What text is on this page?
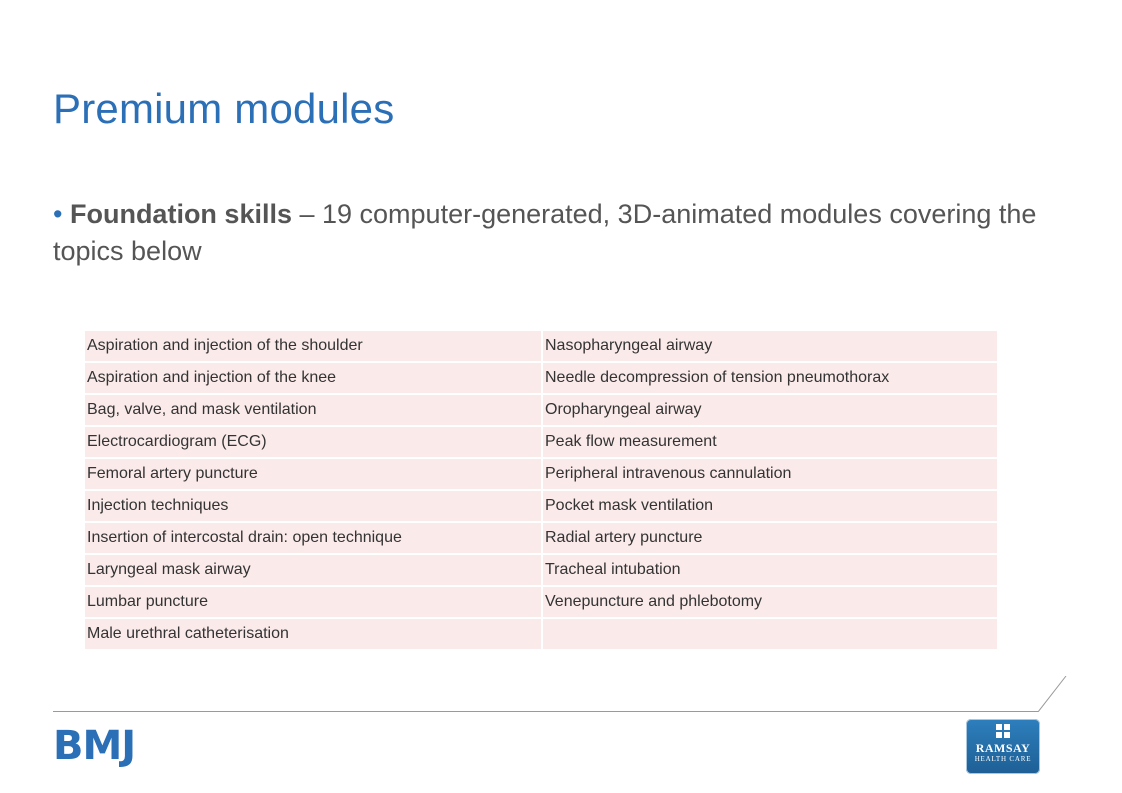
Premium modules
• Foundation skills – 19 computer-generated, 3D-animated modules covering the topics below
Aspiration and injection of the shoulder	Nasopharyngeal airway
Aspiration and injection of the knee	Needle decompression of tension pneumothorax
Bag, valve, and mask ventilation	Oropharyngeal airway
Electrocardiogram (ECG)	Peak flow measurement
Femoral artery puncture	Peripheral intravenous cannulation
Injection techniques	Pocket mask ventilation
Insertion of intercostal drain: open technique	Radial artery puncture
Laryngeal mask airway	Tracheal intubation
Lumbar puncture	Venepuncture and phlebotomy
Male urethral catheterisation	
BMJ	RAMSAY
HEALTH CARE
